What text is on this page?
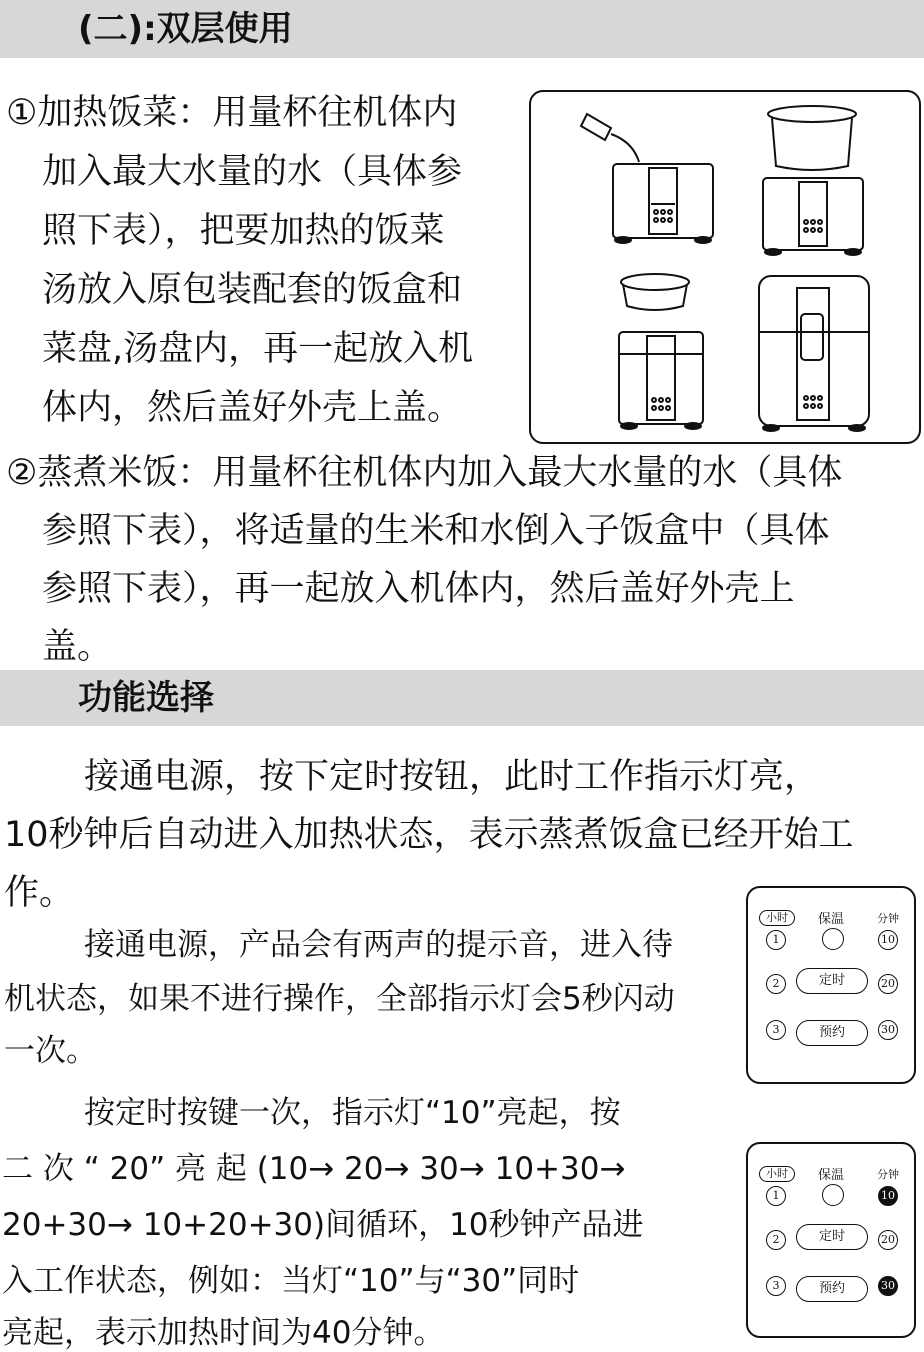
(二):双层使用
①加热饭菜：用量杯往机体内
加入最大水量的水（具体参
照下表），把要加热的饭菜
汤放入原包装配套的饭盒和
菜盘,汤盘内，再一起放入机
体内，然后盖好外壳上盖。
②蒸煮米饭：用量杯往机体内加入最大水量的水（具体
参照下表），将适量的生米和水倒入子饭盒中（具体
参照下表），再一起放入机体内，然后盖好外壳上
盖。
功能选择
接通电源，按下定时按钮，此时工作指示灯亮，
10秒钟后自动进入加热状态，表示蒸煮饭盒已经开始工
作。
接通电源，产品会有两声的提示音，进入待
机状态，如果不进行操作，全部指示灯会5秒闪动
一次。
小时	保温	分钟
1	10
2	定时	20
3	预约	30
按定时按键一次，指示灯“10”亮起，按
二 次 “ 20” 亮 起 (10→ 20→ 30→ 10+30→
20+30→ 10+20+30)间循环，10秒钟产品进
入工作状态，例如：当灯“10”与“30”同时
亮起，表示加热时间为40分钟。
小时	保温	分钟
1	10
2	定时	20
3	预约	30
